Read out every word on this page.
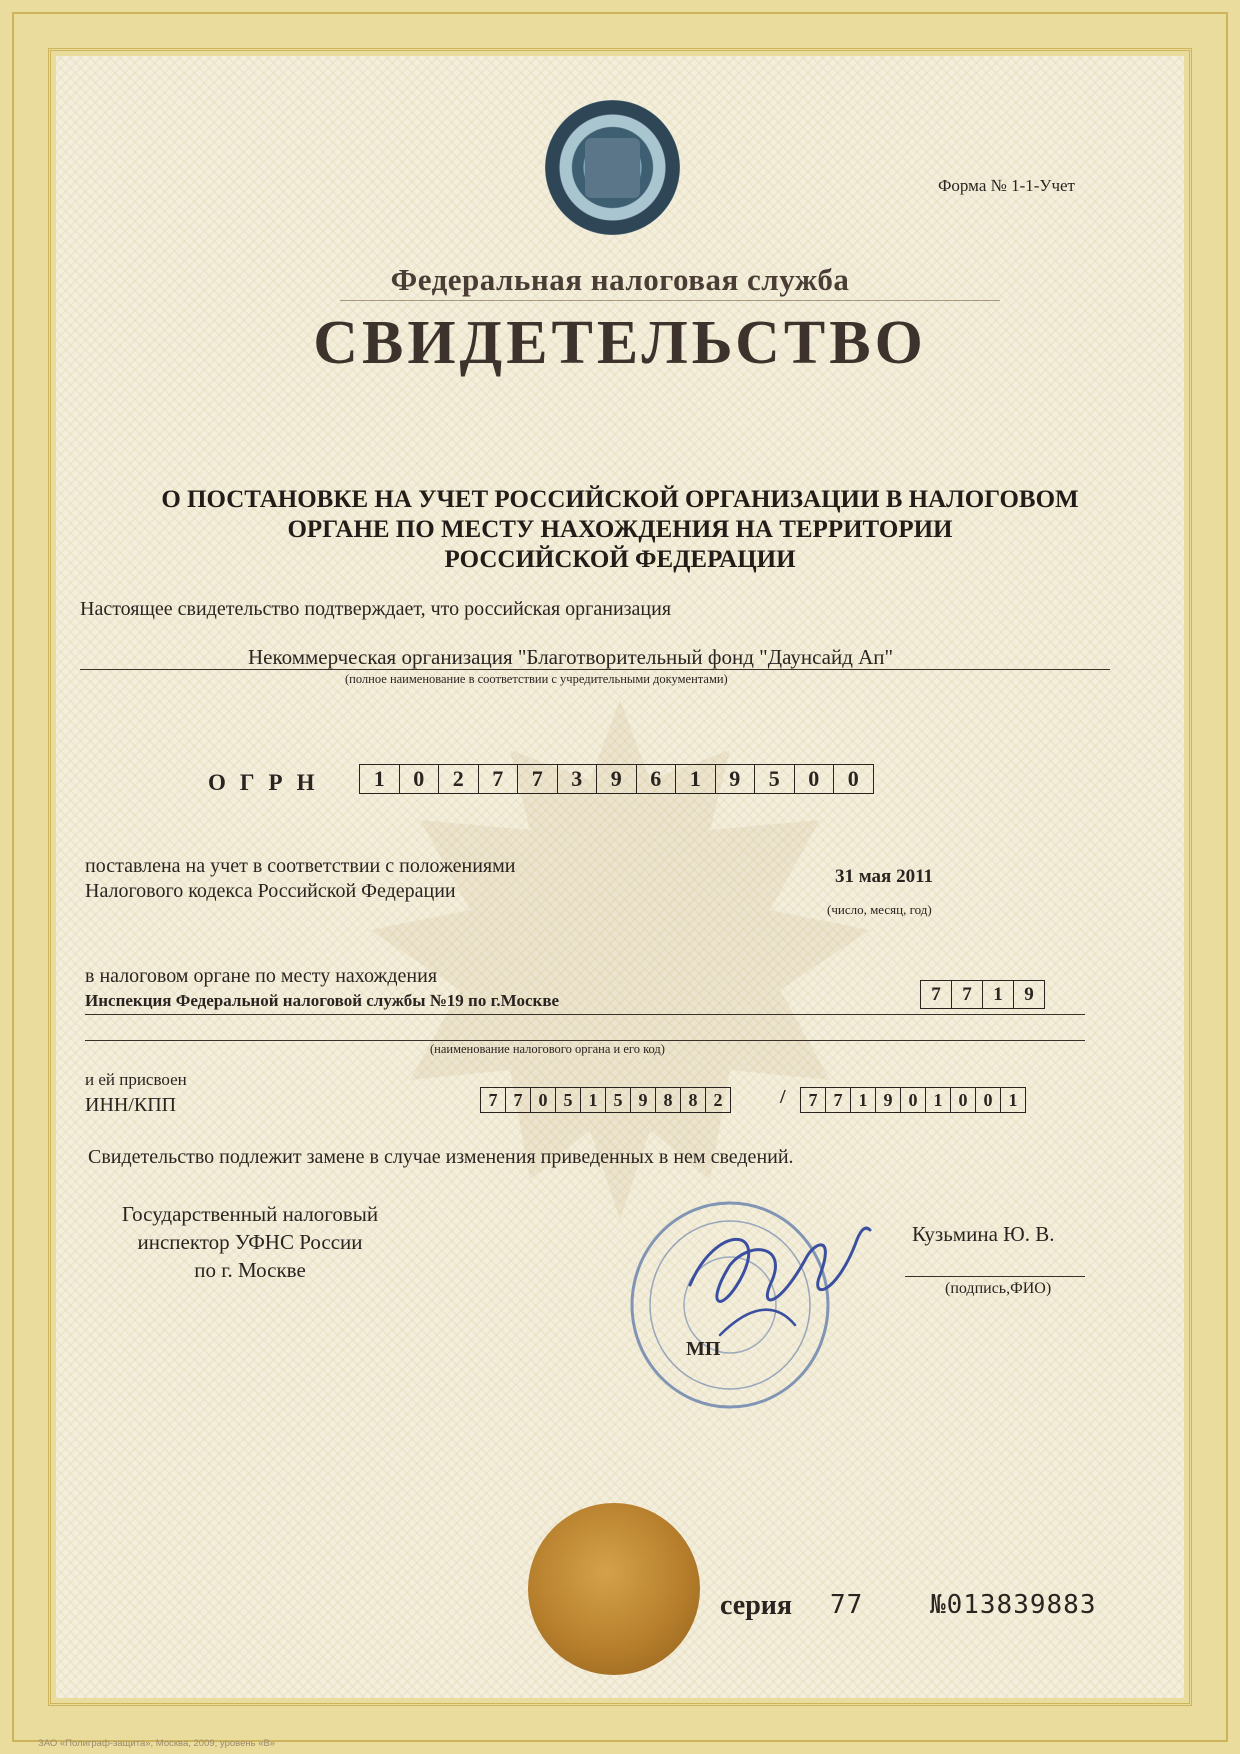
Форма № 1-1-Учет
Федеральная налоговая служба
СВИДЕТЕЛЬСТВО
О ПОСТАНОВКЕ НА УЧЕТ РОССИЙСКОЙ ОРГАНИЗАЦИИ В НАЛОГОВОМ
ОРГАНЕ ПО МЕСТУ НАХОЖДЕНИЯ НА ТЕРРИТОРИИ
РОССИЙСКОЙ ФЕДЕРАЦИИ
Настоящее свидетельство подтверждает, что российская организация
Некоммерческая организация "Благотворительный фонд "Даунсайд Ап"
(полное наименование в соответствии с учредительными документами)
ОГРН	1	0	2	7	7	3	9	6	1	9	5	0	0
поставлена на учет в соответствии с положениями
Налогового кодекса Российской Федерации
31 мая 2011
(число, месяц, год)
в налоговом органе по месту нахождения
Инспекция Федеральной налоговой службы №19 по г.Москве
(наименование налогового органа и его код)
7	7	1	9
и ей присвоен
ИНН/КПП	7 7 0 5 1 5 9 8 8 2	/	7 7 1 9 0 1 0 0 1
Свидетельство подлежит замене в случае изменения приведенных в нем сведений.
Государственный налоговый
инспектор УФНС России
по г. Москве
Кузьмина Ю. В.
(подпись,ФИО)
МП
серия 77	№013839883
ЗАО «Полиграф-защита», Москва, 2009, уровень «В»
